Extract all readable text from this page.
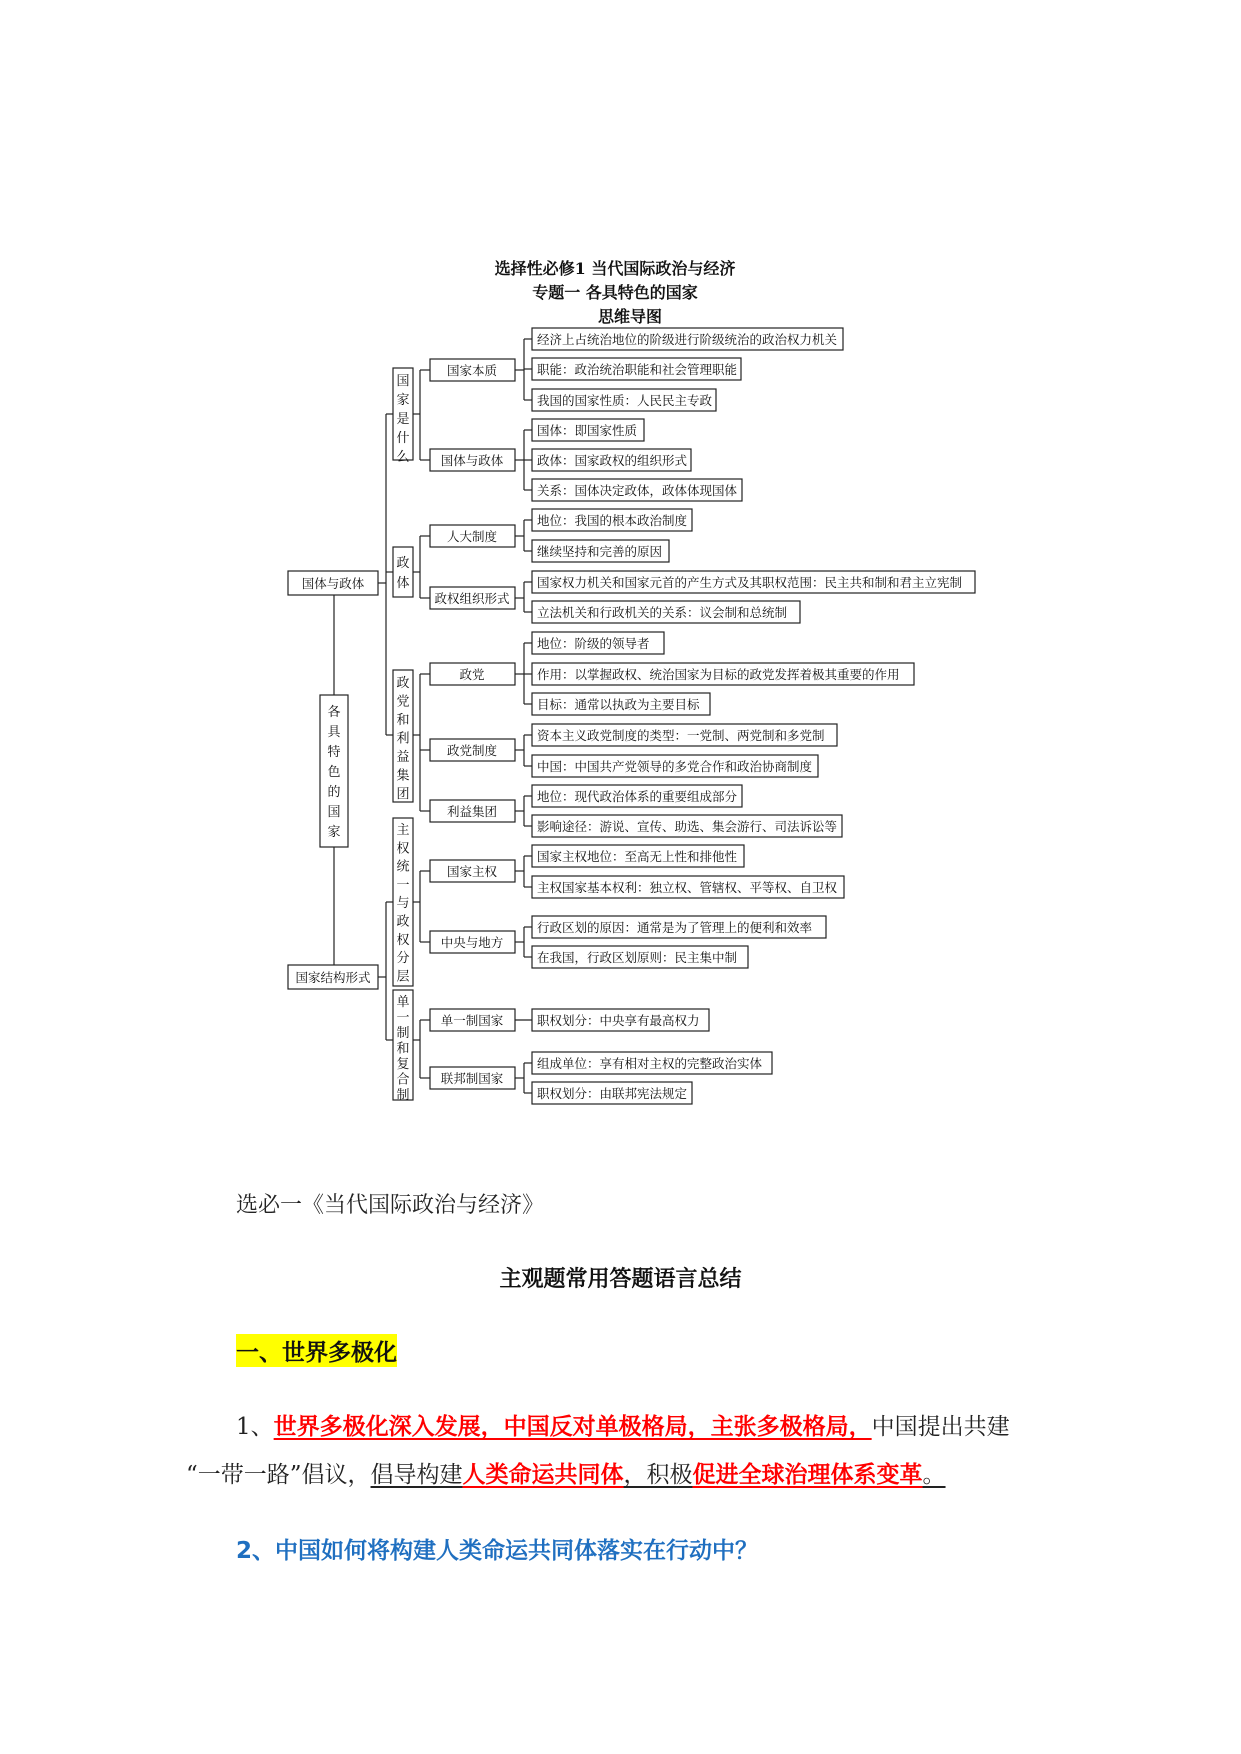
选择性必修1 当代国际政治与经济
专题一 各具特色的国家
思维导图
国体与政体
国家结构形式
各具特色的国家
国家是什么
政体
政党和利益集团
主权统一与政权分层
单一制和复合制
国家本质
国体与政体
人大制度
政权组织形式
政党
政党制度
利益集团
国家主权
中央与地方
单一制国家
联邦制国家
经济上占统治地位的阶级进行阶级统治的政治权力机关
职能：政治统治职能和社会管理职能
我国的国家性质：人民民主专政
国体：即国家性质
政体：国家政权的组织形式
关系：国体决定政体，政体体现国体
地位：我国的根本政治制度
继续坚持和完善的原因
国家权力机关和国家元首的产生方式及其职权范围：民主共和制和君主立宪制
立法机关和行政机关的关系：议会制和总统制
地位：阶级的领导者
作用：以掌握政权、统治国家为目标的政党发挥着极其重要的作用
目标：通常以执政为主要目标
资本主义政党制度的类型：一党制、两党制和多党制
中国：中国共产党领导的多党合作和政治协商制度
地位：现代政治体系的重要组成部分
影响途径：游说、宣传、助选、集会游行、司法诉讼等
国家主权地位：至高无上性和排他性
主权国家基本权利：独立权、管辖权、平等权、自卫权
行政区划的原因：通常是为了管理上的便利和效率
在我国，行政区划原则：民主集中制
职权划分：中央享有最高权力
组成单位：享有相对主权的完整政治实体
职权划分：由联邦宪法规定
选必一《当代国际政治与经济》
主观题常用答题语言总结
一、世界多极化
1、世界多极化深入发展，中国反对单极格局，主张多极格局，中国提出共建
“一带一路”倡议，倡导构建人类命运共同体，积极促进全球治理体系变革。
2、中国如何将构建人类命运共同体落实在行动中？
